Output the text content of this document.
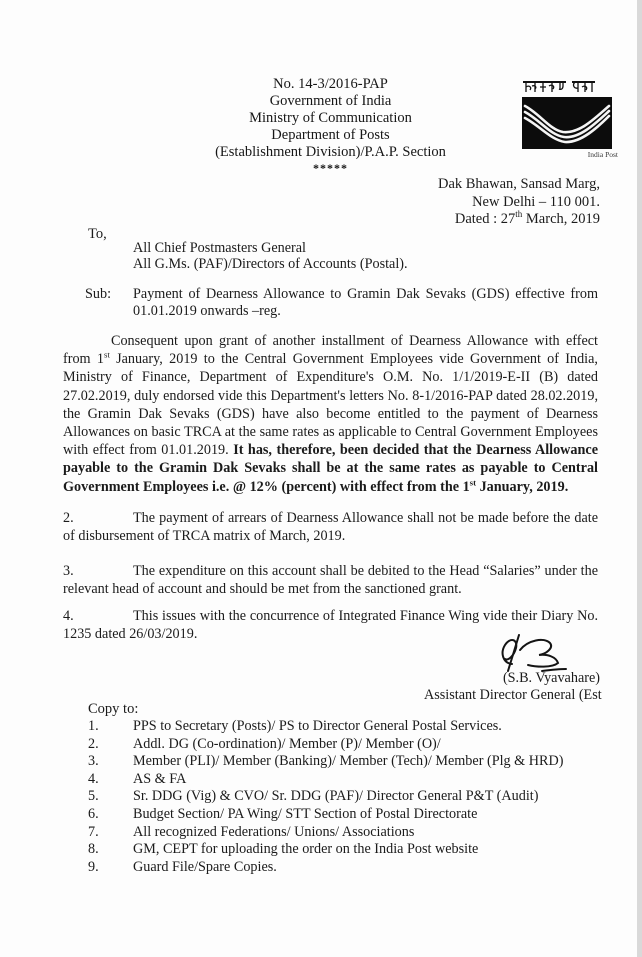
No. 14-3/2016-PAP
Government of India
Ministry of Communication
Department of Posts
(Establishment Division)/P.A.P. Section
*****
India Post
Dak Bhawan, Sansad Marg,
New Delhi – 110 001.
Dated : 27th March, 2019
To,
All Chief Postmasters General
All G.Ms. (PAF)/Directors of Accounts (Postal).
Sub: Payment of Dearness Allowance to Gramin Dak Sevaks (GDS) effective from 01.01.2019 onwards –reg.

Consequent upon grant of another installment of Dearness Allowance with effect from 1st January, 2019 to the Central Government Employees vide Government of India, Ministry of Finance, Department of Expenditure's O.M. No. 1/1/2019-E-II (B) dated 27.02.2019, duly endorsed vide this Department's letters No. 8-1/2016-PAP dated 28.02.2019, the Gramin Dak Sevaks (GDS) have also become entitled to the payment of Dearness Allowances on basic TRCA at the same rates as applicable to Central Government Employees with effect from 01.01.2019. It has, therefore, been decided that the Dearness Allowance payable to the Gramin Dak Sevaks shall be at the same rates as payable to Central Government Employees i.e. @ 12% (percent) with effect from the 1st January, 2019.

2.	The payment of arrears of Dearness Allowance shall not be made before the date of disbursement of TRCA matrix of March, 2019.

3.	The expenditure on this account shall be debited to the Head “Salaries” under the relevant head of account and should be met from the sanctioned grant.

4.	This issues with the concurrence of Integrated Finance Wing vide their Diary No. 1235 dated 26/03/2019.

(S.B. Vyavahare)
Assistant Director General (Est
Copy to:
1.	PPS to Secretary (Posts)/ PS to Director General Postal Services.
2.	Addl. DG (Co-ordination)/ Member (P)/ Member (O)/
3.	Member (PLI)/ Member (Banking)/ Member (Tech)/ Member (Plg & HRD)
4.	AS & FA
5.	Sr. DDG (Vig) & CVO/ Sr. DDG (PAF)/ Director General P&T (Audit)
6.	Budget Section/ PA Wing/ STT Section of Postal Directorate
7.	All recognized Federations/ Unions/ Associations
8.	GM, CEPT for uploading the order on the India Post website
9.	Guard File/Spare Copies.
